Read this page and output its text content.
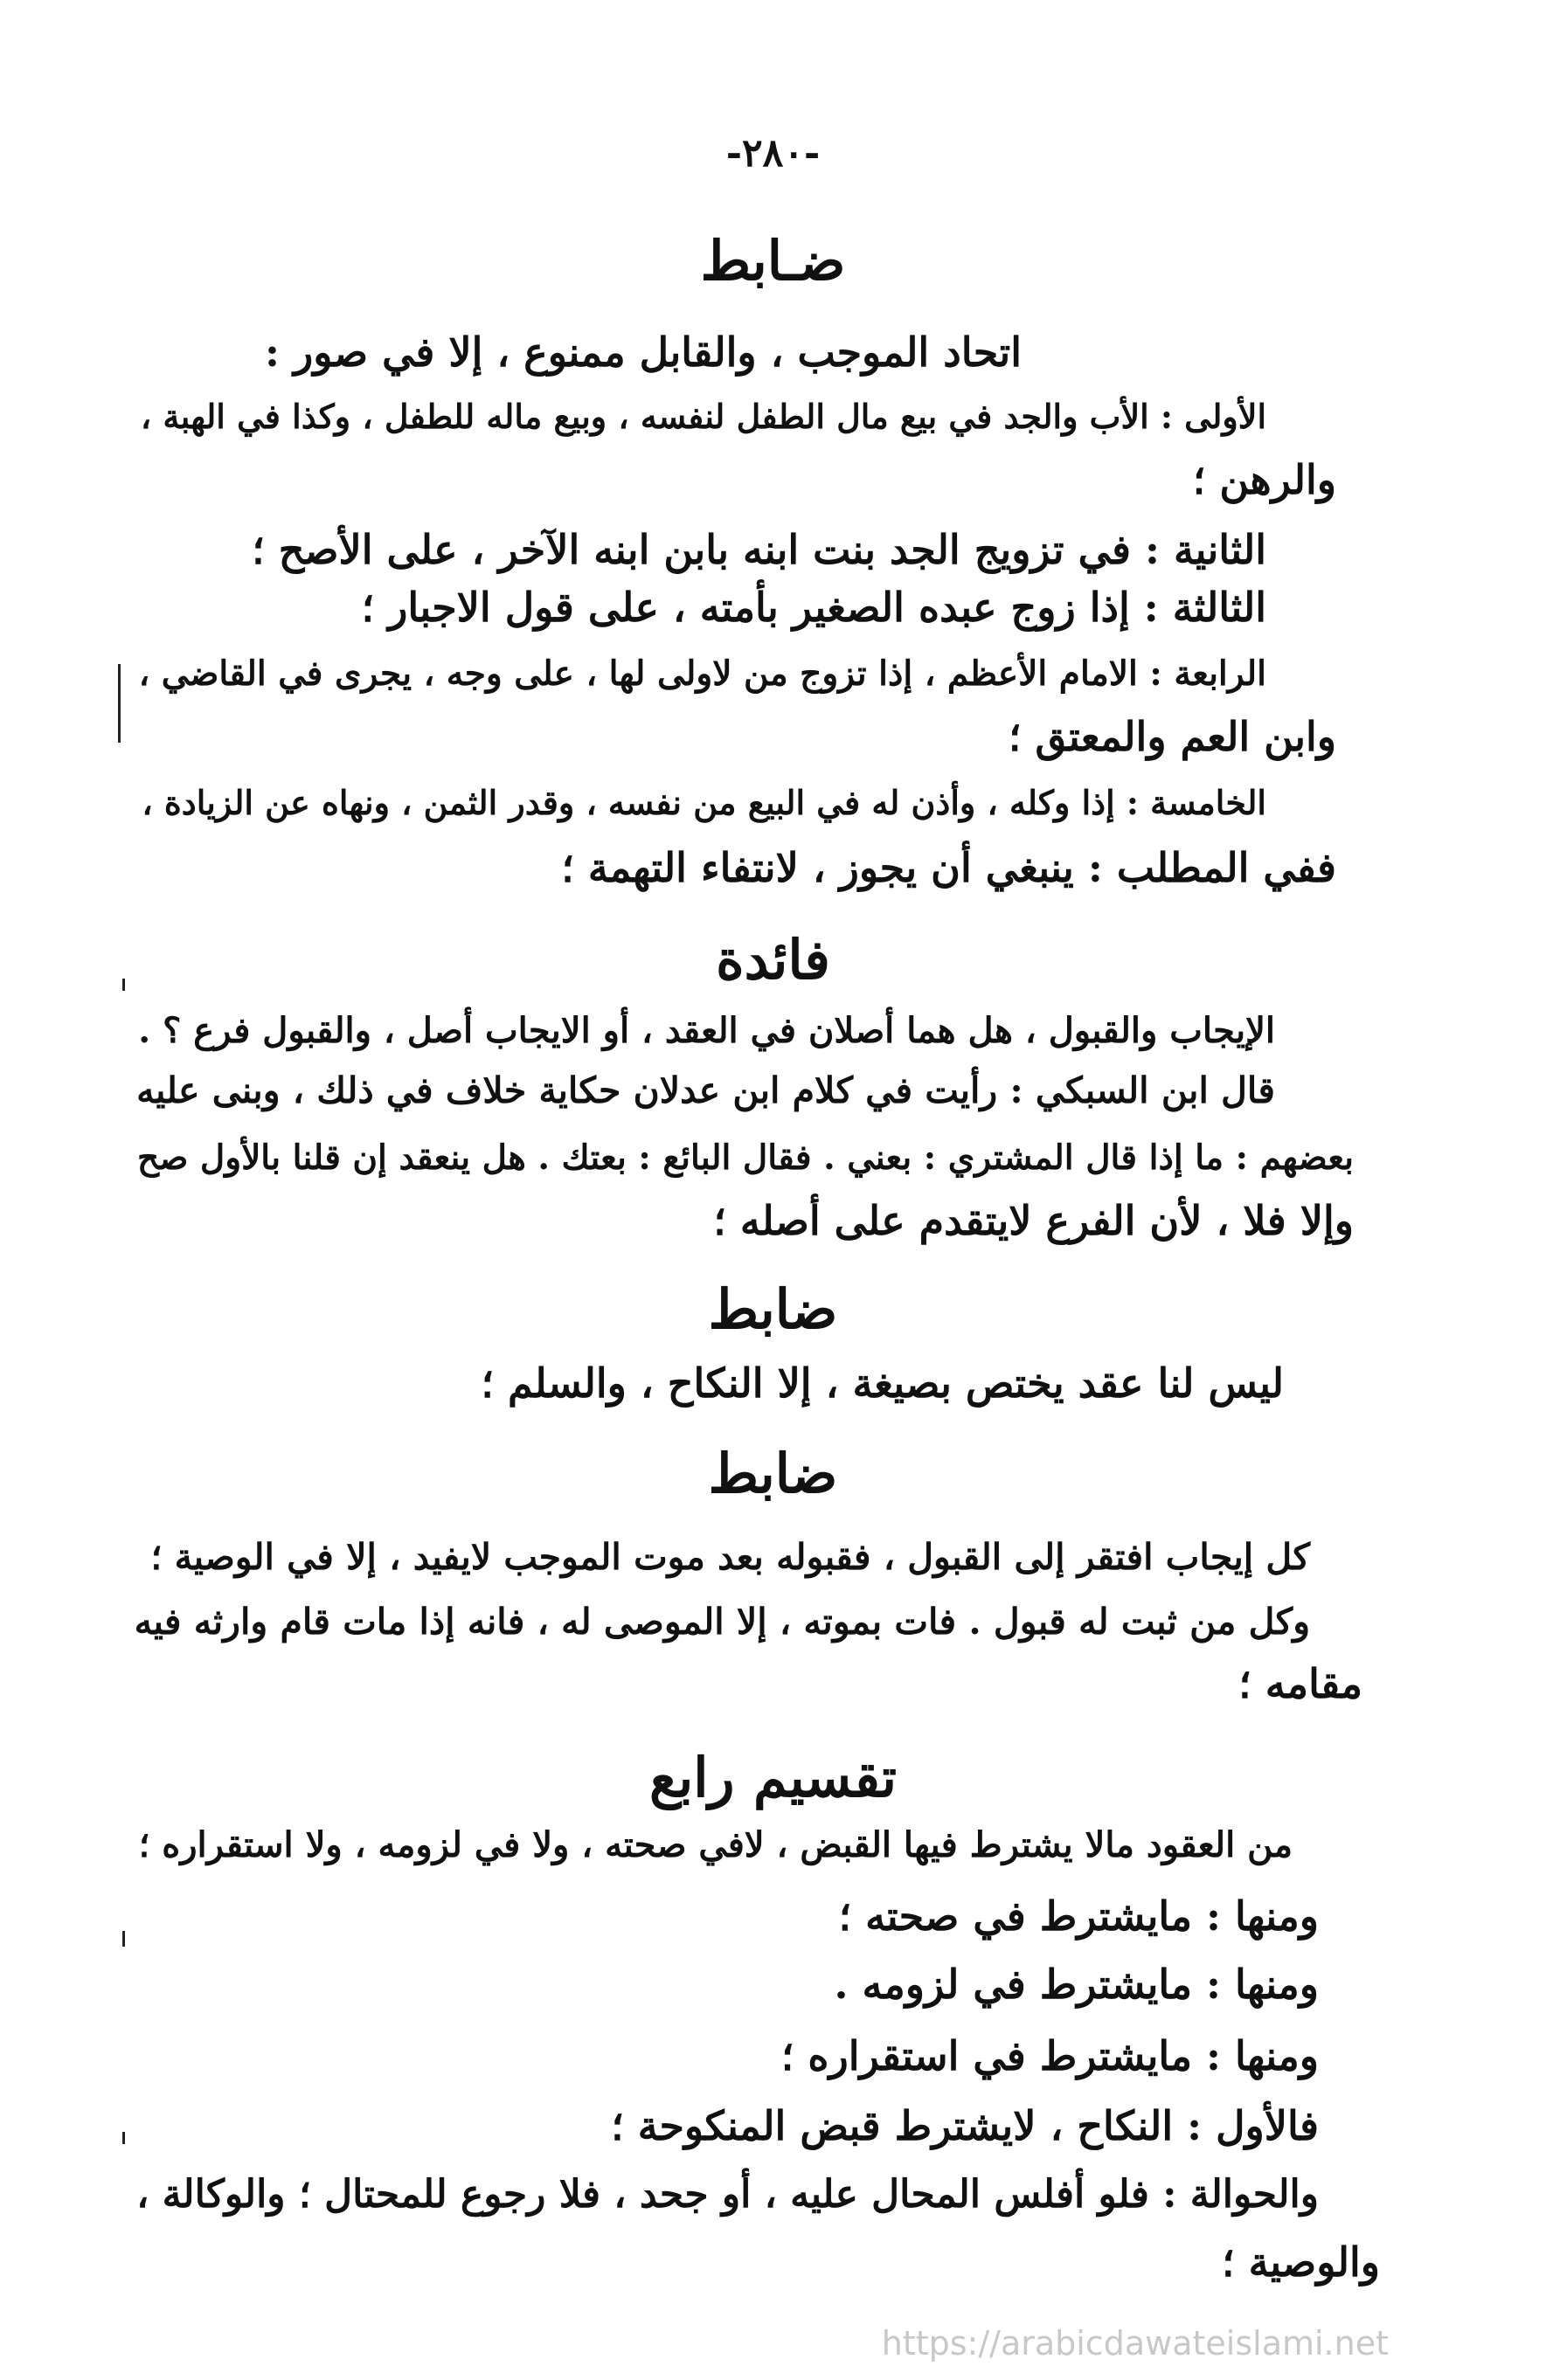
-٢٨٠-
ضـابط
اتحاد الموجب ، والقابل ممنوع ، إلا في صور :
الأولى : الأب والجد في بيع مال الطفل لنفسه ، وبيع ماله للطفل ، وكذا في الهبة ،
والرهن ؛
الثانية : في تزويج الجد بنت ابنه بابن ابنه الآخر ، على الأصح ؛
الثالثة : إذا زوج عبده الصغير بأمته ، على قول الاجبار ؛
الرابعة : الامام الأعظم ، إذا تزوج من لاولى لها ، على وجه ، يجرى في القاضي ،
وابن العم والمعتق ؛
الخامسة : إذا وكله ، وأذن له في البيع من نفسه ، وقدر الثمن ، ونهاه عن الزيادة ،
ففي المطلب : ينبغي أن يجوز ، لانتفاء التهمة ؛
فائدة
الإيجاب والقبول ، هل هما أصلان في العقد ، أو الايجاب أصل ، والقبول فرع ؟ .
قال ابن السبكي : رأيت في كلام ابن عدلان حكاية خلاف في ذلك ، وبنى عليه
بعضهم : ما إذا قال المشتري : بعني . فقال البائع : بعتك . هل ينعقد إن قلنا بالأول صح
وإلا فلا ، لأن الفرع لايتقدم على أصله ؛
ضابط
ليس لنا عقد يختص بصيغة ، إلا النكاح ، والسلم ؛
ضابط
كل إيجاب افتقر إلى القبول ، فقبوله بعد موت الموجب لايفيد ، إلا في الوصية ؛
وكل من ثبت له قبول . فات بموته ، إلا الموصى له ، فانه إذا مات قام وارثه فيه
مقامه ؛
تقسيم رابع
من العقود مالا يشترط فيها القبض ، لافي صحته ، ولا في لزومه ، ولا استقراره ؛
ومنها : مايشترط في صحته ؛
ومنها : مايشترط في لزومه .
ومنها : مايشترط في استقراره ؛
فالأول : النكاح ، لايشترط قبض المنكوحة ؛
والحوالة : فلو أفلس المحال عليه ، أو جحد ، فلا رجوع للمحتال ؛ والوكالة ،
والوصية ؛
https://arabicdawateislami.net
